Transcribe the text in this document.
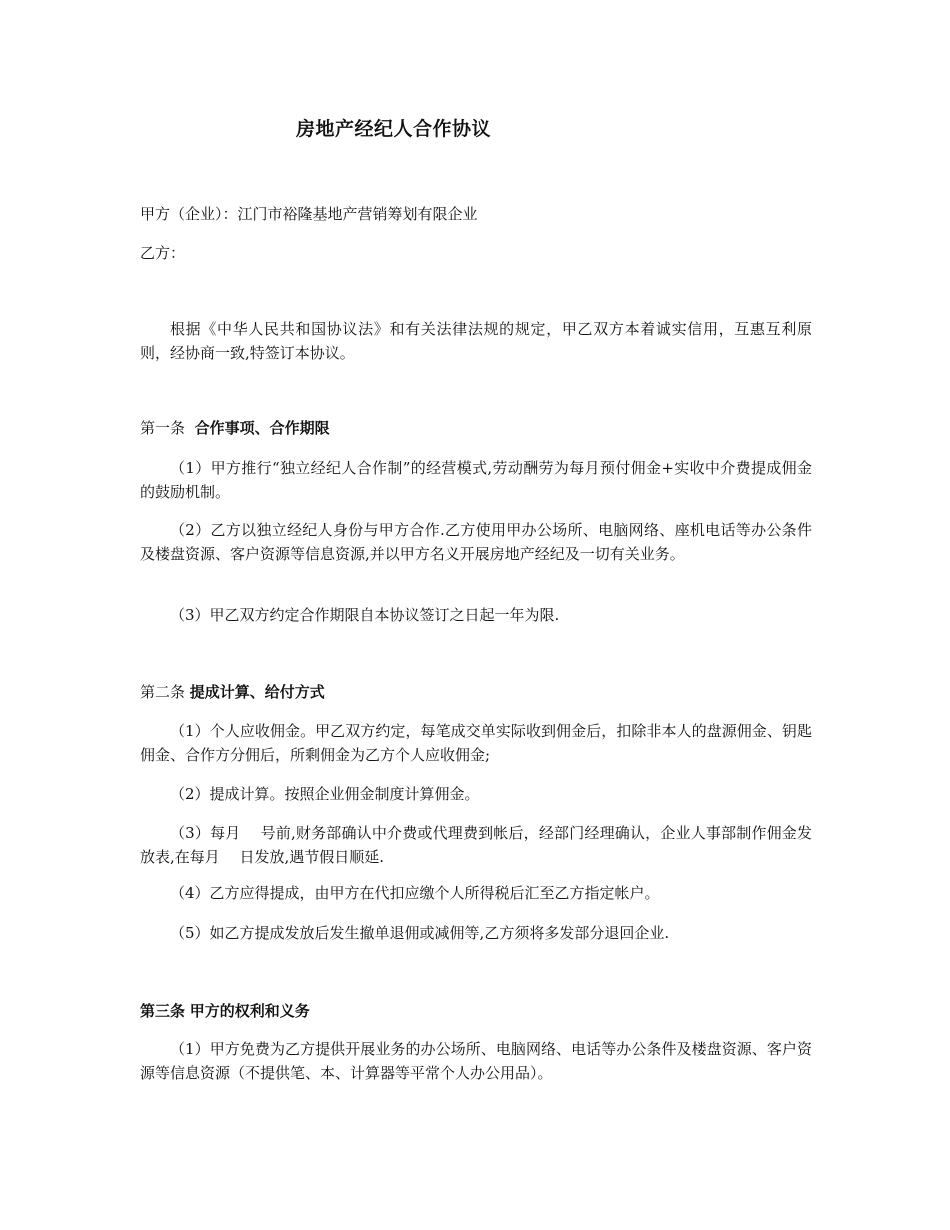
房地产经纪人合作协议
甲方（企业）：江门市裕隆基地产营销筹划有限企业
乙方：
根据《中华人民共和国协议法》和有关法律法规的规定，甲乙双方本着诚实信用，互惠互利原则，经协商一致,特签订本协议。
第一条 合作事项、合作期限
（1）甲方推行“独立经纪人合作制”的经营模式,劳动酬劳为每月预付佣金+实收中介费提成佣金的鼓励机制。
（2）乙方以独立经纪人身份与甲方合作.乙方使用甲办公场所、电脑网络、座机电话等办公条件及楼盘资源、客户资源等信息资源,并以甲方名义开展房地产经纪及一切有关业务。
（3）甲乙双方约定合作期限自本协议签订之日起一年为限.
第二条 提成计算、给付方式
（1）个人应收佣金。甲乙双方约定，每笔成交单实际收到佣金后，扣除非本人的盘源佣金、钥匙佣金、合作方分佣后，所剩佣金为乙方个人应收佣金;
（2）提成计算。按照企业佣金制度计算佣金。
（3）每月　 号前,财务部确认中介费或代理费到帐后，经部门经理确认，企业人事部制作佣金发放表,在每月　 日发放,遇节假日顺延.
（4）乙方应得提成，由甲方在代扣应缴个人所得税后汇至乙方指定帐户。
（5）如乙方提成发放后发生撤单退佣或减佣等,乙方须将多发部分退回企业.
第三条 甲方的权利和义务
（1）甲方免费为乙方提供开展业务的办公场所、电脑网络、电话等办公条件及楼盘资源、客户资源等信息资源（不提供笔、本、计算器等平常个人办公用品）。
